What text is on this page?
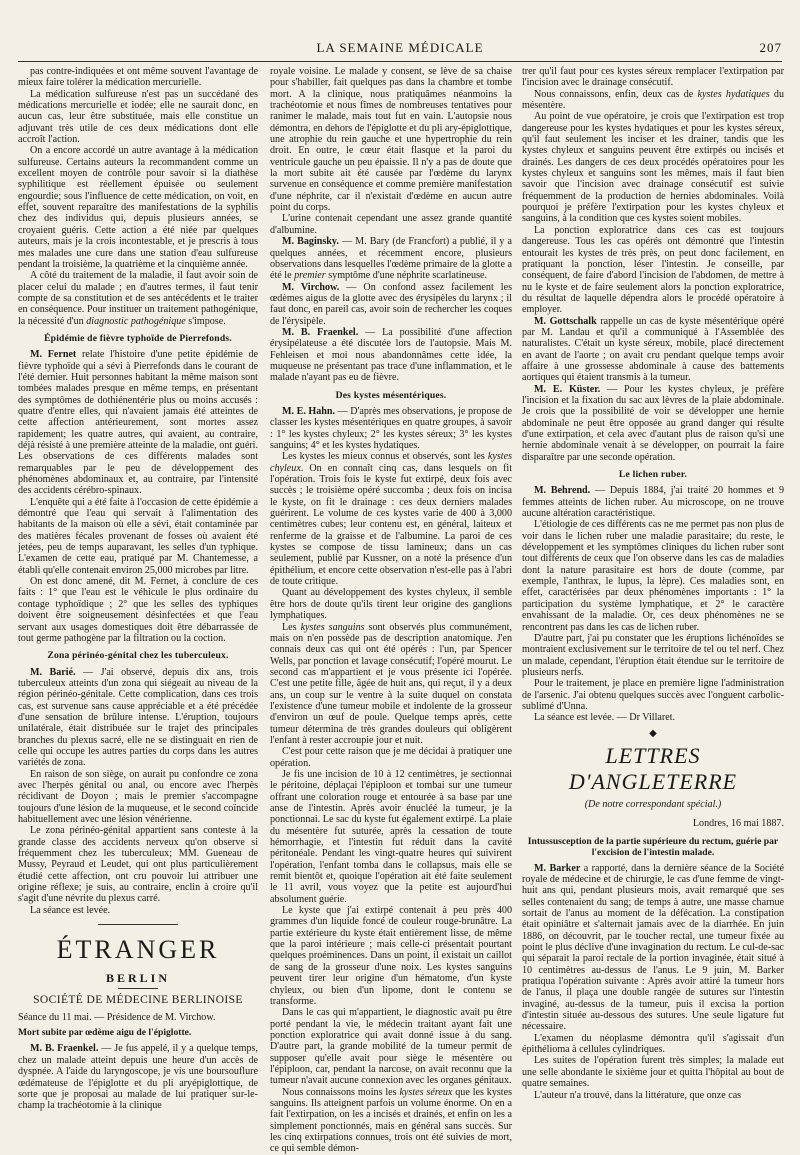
LA SEMAINE MÉDICALE	207

pas contre-indiquées et ont même souvent l'avantage de mieux faire tolérer la médication mercurielle.

La médication sulfureuse n'est pas un succédané des médications mercurielle et iodée; elle ne saurait donc, en aucun cas, leur être substituée, mais elle constitue un adjuvant très utile de ces deux médications dont elle accroît l'action.

On a encore accordé un autre avantage à la médication sulfureuse. Certains auteurs la recommandent comme un excellent moyen de contrôle pour savoir si la diathèse syphilitique est réellement épuisée ou seulement engourdie; sous l'influence de cette médication, on voit, en effet, souvent reparaître des manifestations de la syphilis chez des individus qui, depuis plusieurs années, se croyaient guéris. Cette action a été niée par quelques auteurs, mais je la crois incontestable, et je prescris à tous mes malades une cure dans une station d'eau sulfureuse pendant la troisième, la quatrième et la cinquième année.

A côté du traitement de la maladie, il faut avoir soin de placer celui du malade ; en d'autres termes, il faut tenir compte de sa constitution et de ses antécédents et le traiter en conséquence. Pour instituer un traitement pathogénique, la nécessité d'un diagnostic pathogénique s'impose.

Épidémie de fièvre typhoïde de Pierrefonds.

M. Fernet relate l'histoire d'une petite épidémie de fièvre typhoïde qui a sévi à Pierrefonds dans le courant de l'été dernier. Huit personnes habitant la même maison sont tombées malades presque en même temps, en présentant des symptômes de dothiénentérie plus ou moins accusés : quatre d'entre elles, qui n'avaient jamais été atteintes de cette affection antérieurement, sont mortes assez rapidement; les quatre autres, qui avaient, au contraire, déjà résisté à une première atteinte de la maladie, ont guéri. Les observations de ces différents malades sont remarquables par le peu de développement des phénomènes abdominaux et, au contraire, par l'intensité des accidents cérébro-spinaux.

L'enquête qui a été faite à l'occasion de cette épidémie a démontré que l'eau qui servait à l'alimentation des habitants de la maison où elle a sévi, était contaminée par des matières fécales provenant de fosses où avaient été jetées, peu de temps auparavant, les selles d'un typhique. L'examen de cette eau, pratiqué par M. Chantemesse, a établi qu'elle contenait environ 25,000 microbes par litre.

On est donc amené, dit M. Fernet, à conclure de ces faits : 1° que l'eau est le véhicule le plus ordinaire du contage typhoïdique ; 2° que les selles des typhiques doivent être soigneusement désinfectées et que l'eau servant aux usages domestiques doit être débarrassée de tout germe pathogène par la filtration ou la coction.

Zona périnéo-génital chez les tuberculeux.

M. Barié. — J'ai observé, depuis dix ans, trois tuberculeux atteints d'un zona qui siégeait au niveau de la région périnéo-génitale. Cette complication, dans ces trois cas, est survenue sans cause appréciable et a été précédée d'une sensation de brûlure intense. L'éruption, toujours unilatérale, était distribuée sur le trajet des principales branches du plexus sacré, elle ne se distinguait en rien de celle qui occupe les autres parties du corps dans les autres variétés de zona.

En raison de son siège, on aurait pu confondre ce zona avec l'herpès génital ou anal, ou encore avec l'herpès récidivant de Doyon ; mais le premier s'accompagne toujours d'une lésion de la muqueuse, et le second coïncide habituellement avec une lésion vénérienne.

Le zona périnéo-génital appartient sans conteste à la grande classe des accidents nerveux qu'on observe si fréquemment chez les tuberculeux; MM. Gueneau de Mussy, Peyraud et Leudet, qui ont plus particulièrement étudié cette affection, ont cru pouvoir lui attribuer une origine réflexe; je suis, au contraire, enclin à croire qu'il s'agit d'une névrite du plexus carré.

La séance est levée.

ÉTRANGER
BERLIN
SOCIÉTÉ DE MÉDECINE BERLINOISE
Séance du 11 mai. — Présidence de M. Virchow.
Mort subite par œdème aigu de l'épiglotte.

M. B. Fraenkel. — Je fus appelé, il y a quelque temps, chez un malade atteint depuis une heure d'un accès de dyspnée. A l'aide du laryngoscope, je vis une boursouflure œdémateuse de l'épiglotte et du pli aryépiglottique, de sorte que je proposai au malade de lui pratiquer sur-le-champ la trachéotomie à la clinique

royale voisine. Le malade y consent, se lève de sa chaise pour s'habiller, fait quelques pas dans la chambre et tombe mort. A la clinique, nous pratiquâmes néanmoins la trachéotomie et nous fîmes de nombreuses tentatives pour ranimer le malade, mais tout fut en vain. L'autopsie nous démontra, en dehors de l'épiglotte et du pli ary-épiglottique, une atrophie du rein gauche et une hypertrophie du rein droit. En outre, le cœur était flasque et la paroi du ventricule gauche un peu épaissie. Il n'y a pas de doute que la mort subite ait été causée par l'œdème du larynx survenue en conséquence et comme première manifestation d'une néphrite, car il n'existait d'œdème en aucun autre point du corps.

L'urine contenait cependant une assez grande quantité d'albumine.

M. Baginsky. — M. Bary (de Francfort) a publié, il y a quelques années, et récemment encore, plusieurs observations dans lesquelles l'œdème primaire de la glotte a été le premier symptôme d'une néphrite scarlatineuse.

M. Virchow. — On confond assez facilement les œdèmes aigus de la glotte avec des érysipèles du larynx ; il faut donc, en pareil cas, avoir soin de rechercher les coques de l'érysipèle.

M. B. Fraenkel. — La possibilité d'une affection érysipélateuse a été discutée lors de l'autopsie. Mais M. Fehleisen et moi nous abandonnâmes cette idée, la muqueuse ne présentant pas trace d'une inflammation, et le malade n'ayant pas eu de fièvre.

Des kystes mésentériques.

M. E. Hahn. — D'après mes observations, je propose de classer les kystes mésentériques en quatre groupes, à savoir : 1° les kystes chyleux; 2° les kystes séreux; 3° les kystes sanguins; 4° et les kystes hydatiques.

Les kystes les mieux connus et observés, sont les kystes chyleux. On en connaît cinq cas, dans lesquels on fit l'opération. Trois fois le kyste fut extirpé, deux fois avec succès ; le troisième opéré succomba ; deux fois on incisa le kyste, on fit le drainage : ces deux derniers malades guérirent. Le volume de ces kystes varie de 400 à 3,000 centimètres cubes; leur contenu est, en général, laiteux et renferme de la graisse et de l'albumine. La paroi de ces kystes se compose de tissu lamineux; dans un cas seulement, publié par Kussner, on a noté la présence d'un épithélium, et encore cette observation n'est-elle pas à l'abri de toute critique.

Quant au développement des kystes chyleux, il semble être hors de doute qu'ils tirent leur origine des ganglions lymphatiques.

Les kystes sanguins sont observés plus communément, mais on n'en possède pas de description anatomique. J'en connais deux cas qui ont été opérés : l'un, par Spencer Wells, par ponction et lavage consécutif; l'opéré mourut. Le second cas m'appartient et je vous présente ici l'opérée. C'est une petite fille, âgée de huit ans, qui reçut, il y a deux ans, un coup sur le ventre à la suite duquel on constata l'existence d'une tumeur mobile et indolente de la grosseur d'environ un œuf de poule. Quelque temps après, cette tumeur détermina de très grandes douleurs qui obligèrent l'enfant à rester accroupie jour et nuit.

C'est pour cette raison que je me décidai à pratiquer une opération.

Je fis une incision de 10 à 12 centimètres, je sectionnai le péritoine, déplaçai l'épiploon et tombai sur une tumeur offrant une coloration rouge et entourée à sa base par une anse de l'intestin. Après avoir énucléé la tumeur, je la ponctionnai. Le sac du kyste fut également extirpé. La plaie du mésentère fut suturée, après la cessation de toute hémorrhagie, et l'intestin fut réduit dans la cavité péritonéale. Pendant les vingt-quatre heures qui suivirent l'opération, l'enfant tomba dans le collapsus, mais elle se remit bientôt et, quoique l'opération ait été faite seulement le 11 avril, vous voyez que la petite est aujourd'hui absolument guérie.

Le kyste que j'ai extirpé contenait à peu près 400 grammes d'un liquide foncé de couleur rouge-brunâtre. La partie extérieure du kyste était entièrement lisse, de même que la paroi intérieure ; mais celle-ci présentait pourtant quelques proéminences. Dans un point, il existait un caillot de sang de la grosseur d'une noix. Les kystes sanguins peuvent tirer leur origine d'un hématome, d'un kyste chyleux, ou bien d'un lipome, dont le contenu se transforme.

Dans le cas qui m'appartient, le diagnostic avait pu être porté pendant la vie, le médecin traitant ayant fait une ponction exploratrice qui avait donné issue à du sang. D'autre part, la grande mobilité de la tumeur permit de supposer qu'elle avait pour siège le mésentère ou l'épiploon, car, pendant la narcose, on avait reconnu que la tumeur n'avait aucune connexion avec les organes génitaux.

Nous connaissons moins les kystes séreux que les kystes sanguins. Ils atteignent parfois un volume énorme. On en a fait l'extirpation, on les a incisés et drainés, et enfin on les a simplement ponctionnés, mais en général sans succès. Sur les cinq extirpations connues, trois ont été suivies de mort, ce qui semble démon-

trer qu'il faut pour ces kystes séreux remplacer l'extirpation par l'incision avec le drainage consécutif.

Nous connaissons, enfin, deux cas de kystes hydatiques du mésentère.

Au point de vue opératoire, je crois que l'extirpation est trop dangereuse pour les kystes hydatiques et pour les kystes séreux, qu'il faut seulement les inciser et les drainer, tandis que les kystes chyleux et sanguins peuvent être extirpés ou incisés et drainés. Les dangers de ces deux procédés opératoires pour les kystes chyleux et sanguins sont les mêmes, mais il faut bien savoir que l'incision avec drainage consécutif est suivie fréquemment de la production de hernies abdominales. Voilà pourquoi je préfère l'extirpation pour les kystes chyleux et sanguins, à la condition que ces kystes soient mobiles.

La ponction exploratrice dans ces cas est toujours dangereuse. Tous les cas opérés ont démontré que l'intestin entourait les kystes de très près, on peut donc facilement, en pratiquant la ponction, léser l'intestin. Je conseille, par conséquent, de faire d'abord l'incision de l'abdomen, de mettre à nu le kyste et de faire seulement alors la ponction exploratrice, du résultat de laquelle dépendra alors le procédé opératoire à employer.

M. Gottschalk rappelle un cas de kyste mésentérique opéré par M. Landau et qu'il a communiqué à l'Assemblée des naturalistes. C'était un kyste séreux, mobile, placé directement en avant de l'aorte ; on avait cru pendant quelque temps avoir affaire à une grossesse abdominale à cause des battements aortiques qui étaient transmis à la tumeur.

M. E. Küster. — Pour les kystes chyleux, je préfère l'incision et la fixation du sac aux lèvres de la plaie abdominale. Je crois que la possibilité de voir se développer une hernie abdominale ne peut être opposée au grand danger qui résulte d'une extirpation, et cela avec d'autant plus de raison qu'si une hernie abdominale venait à se développer, on pourrait la faire disparaître par une seconde opération.

Le lichen ruber.

M. Behrend. — Depuis 1884, j'ai traité 20 hommes et 9 femmes atteints de lichen ruber. Au microscope, on ne trouve aucune altération caractéristique.

L'étiologie de ces différents cas ne me permet pas non plus de voir dans le lichen ruber une maladie parasitaire; du reste, le développement et les symptômes cliniques du lichen ruber sont tout différents de ceux que l'on observe dans les cas de maladies dont la nature parasitaire est hors de doute (comme, par exemple, l'anthrax, le lupus, la lèpre). Ces maladies sont, en effet, caractérisées par deux phénomènes importants : 1° la participation du système lymphatique, et 2° le caractère envahissant de la maladie. Or, ces deux phénomènes ne se rencontrent pas dans les cas de lichen ruber.

D'autre part, j'ai pu constater que les éruptions lichénoïdes se montraient exclusivement sur le territoire de tel ou tel nerf. Chez un malade, cependant, l'éruption était étendue sur le territoire de plusieurs nerfs.

Pour le traitement, je place en première ligne l'administration de l'arsenic. J'ai obtenu quelques succès avec l'onguent carbolic-sublimé d'Unna.

La séance est levée. — Dr Villaret.

◆
LETTRES D'ANGLETERRE
(De notre correspondant spécial.)
Londres, 16 mai 1887.
Intussusception de la partie supérieure du rectum, guérie par l'excision de l'intestin malade.

M. Barker a rapporté, dans la dernière séance de la Société royale de médecine et de chirurgie, le cas d'une femme de vingt-huit ans qui, pendant plusieurs mois, avait remarqué que ses selles contenaient du sang; de temps à autre, une masse charnue sortait de l'anus au moment de la défécation. La constipation était opiniâtre et s'alternait jamais avec de la diarrhée. En juin 1886, on découvrit, par le toucher rectal, une tumeur fixée au point le plus déclive d'une invagination du rectum. Le cul-de-sac qui séparait la paroi rectale de la portion invaginée, était situé à 10 centimètres au-dessus de l'anus. Le 9 juin, M. Barker pratiqua l'opération suivante : Après avoir attiré la tumeur hors de l'anus, il plaça une double rangée de sutures sur l'intestin invaginé, au-dessus de la tumeur, puis il excisa la portion d'intestin située au-dessous des sutures. Une seule ligature fut nécessaire.

L'examen du néoplasme démontra qu'il s'agissait d'un épithélioma à cellules cylindriques.

Les suites de l'opération furent très simples; la malade eut une selle abondante le sixième jour et quitta l'hôpital au bout de quatre semaines.

L'auteur n'a trouvé, dans la littérature, que onze cas
